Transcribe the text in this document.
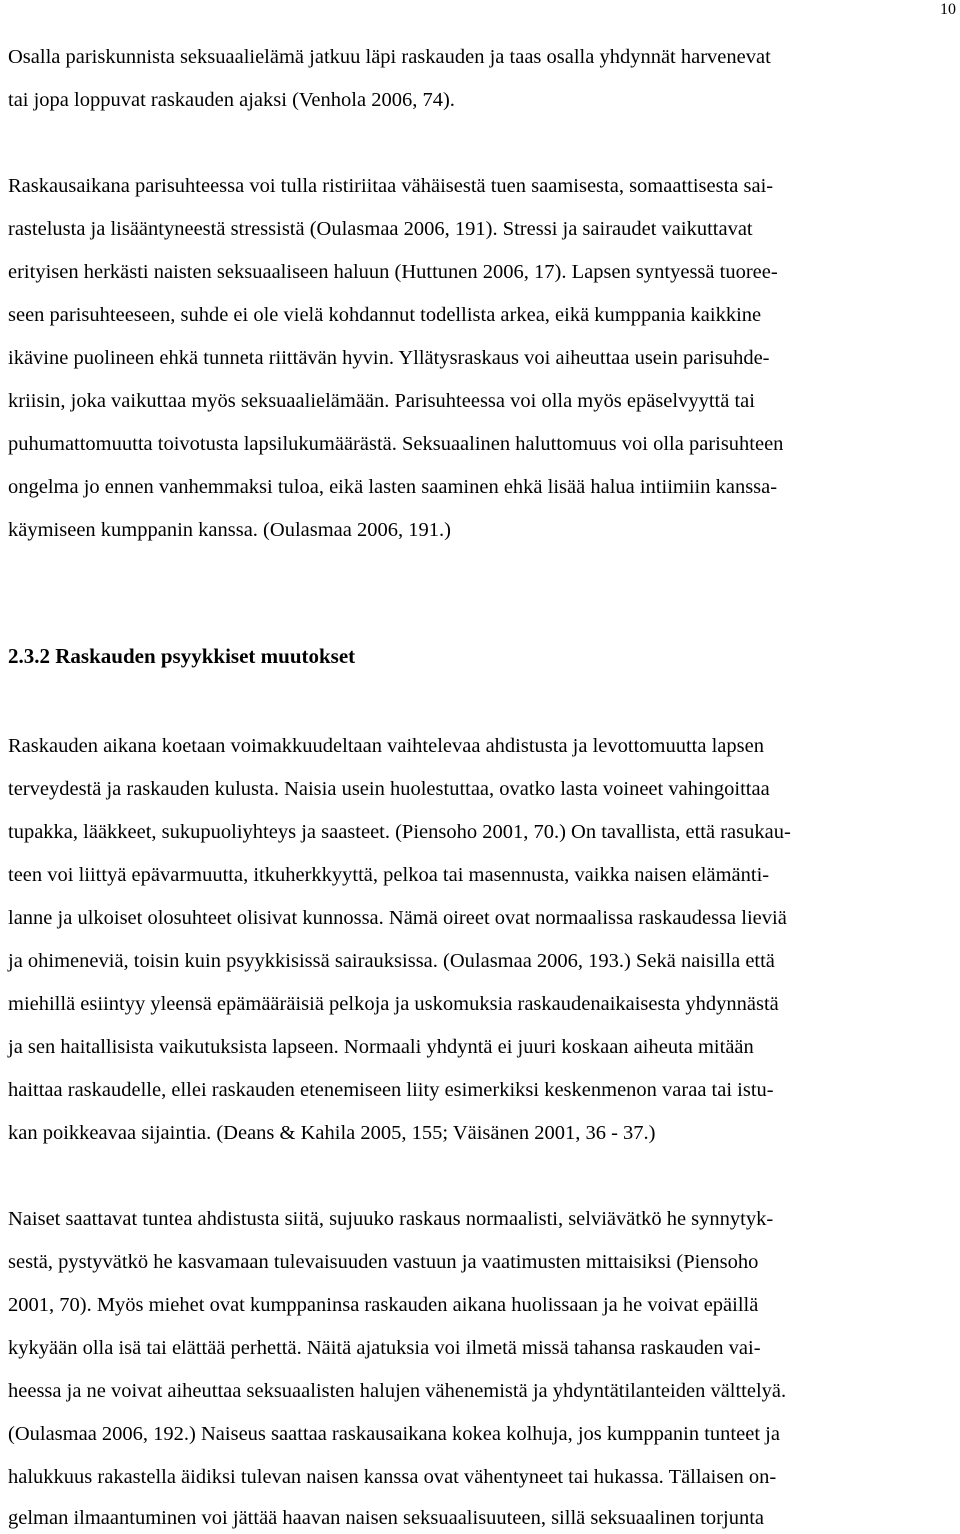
10
Osalla pariskunnista seksuaalielämä jatkuu läpi raskauden ja taas osalla yhdynnät harvenevat
tai jopa loppuvat raskauden ajaksi (Venhola 2006, 74).
Raskausaikana parisuhteessa voi tulla ristiriitaa vähäisestä tuen saamisesta, somaattisesta sai-
rastelusta ja lisääntyneestä stressistä (Oulasmaa 2006, 191). Stressi ja sairaudet vaikuttavat
erityisen herkästi naisten seksuaaliseen haluun (Huttunen 2006, 17). Lapsen syntyessä tuoree-
seen parisuhteeseen, suhde ei ole vielä kohdannut todellista arkea, eikä kumppania kaikkine
ikävine puolineen ehkä tunneta riittävän hyvin. Yllätysraskaus voi aiheuttaa usein parisuhde-
kriisin, joka vaikuttaa myös seksuaalielämään. Parisuhteessa voi olla myös epäselvyyttä tai
puhumattomuutta toivotusta lapsilukumäärästä. Seksuaalinen haluttomuus voi olla parisuhteen
ongelma jo ennen vanhemmaksi tuloa, eikä lasten saaminen ehkä lisää halua intiimiin kanssa-
käymiseen kumppanin kanssa. (Oulasmaa 2006, 191.)
2.3.2 Raskauden psyykkiset muutokset
Raskauden aikana koetaan voimakkuudeltaan vaihtelevaa ahdistusta ja levottomuutta lapsen
terveydestä ja raskauden kulusta. Naisia usein huolestuttaa, ovatko lasta voineet vahingoittaa
tupakka, lääkkeet, sukupuoliyhteys ja saasteet. (Piensoho 2001, 70.) On tavallista, että rasukau-
teen voi liittyä epävarmuutta, itkuherkkyyttä, pelkoa tai masennusta, vaikka naisen elämänti-
lanne ja ulkoiset olosuhteet olisivat kunnossa. Nämä oireet ovat normaalissa raskaudessa lieviä
ja ohimeneviä, toisin kuin psyykkisissä sairauksissa. (Oulasmaa 2006, 193.) Sekä naisilla että
miehillä esiintyy yleensä epämääräisiä pelkoja ja uskomuksia raskaudenaikaisesta yhdynnästä
ja sen haitallisista vaikutuksista lapseen. Normaali yhdyntä ei juuri koskaan aiheuta mitään
haittaa raskaudelle, ellei raskauden etenemiseen liity esimerkiksi keskenmenon varaa tai istu-
kan poikkeavaa sijaintia. (Deans & Kahila 2005, 155; Väisänen 2001, 36 - 37.)
Naiset saattavat tuntea ahdistusta siitä, sujuuko raskaus normaalisti, selviävätkö he synnytyk-
sestä, pystyvätkö he kasvamaan tulevaisuuden vastuun ja vaatimusten mittaisiksi (Piensoho
2001, 70). Myös miehet ovat kumppaninsa raskauden aikana huolissaan ja he voivat epäillä
kykyään olla isä tai elättää perhettä. Näitä ajatuksia voi ilmetä missä tahansa raskauden vai-
heessa ja ne voivat aiheuttaa seksuaalisten halujen vähenemistä ja yhdyntätilanteiden välttelyä.
(Oulasmaa 2006, 192.) Naiseus saattaa raskausaikana kokea kolhuja, jos kumppanin tunteet ja
halukkuus rakastella äidiksi tulevan naisen kanssa ovat vähentyneet tai hukassa. Tällaisen on-
gelman ilmaantuminen voi jättää haavan naisen seksuaalisuuteen, sillä seksuaalinen torjunta
